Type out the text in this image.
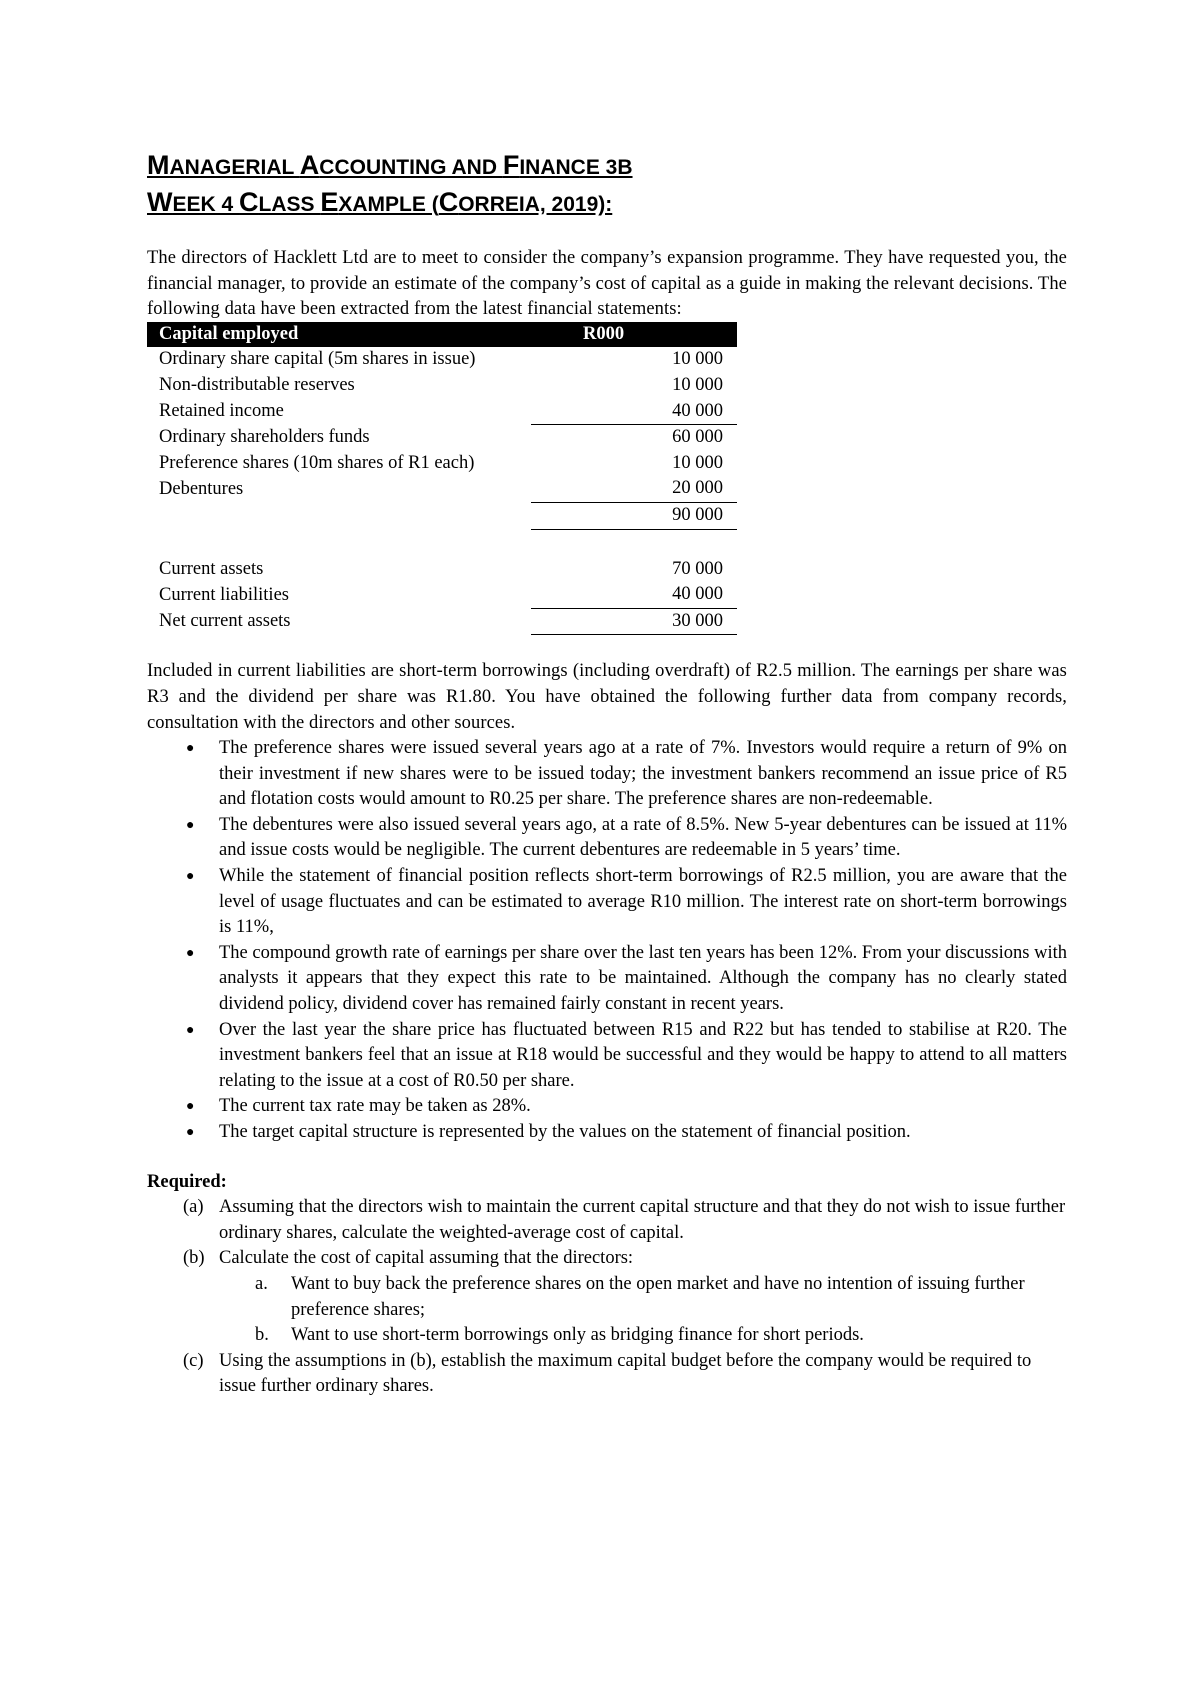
MANAGERIAL ACCOUNTING AND FINANCE 3B
WEEK 4 CLASS EXAMPLE (CORREIA, 2019):

The directors of Hacklett Ltd are to meet to consider the company’s expansion programme. They have requested you, the financial manager, to provide an estimate of the company’s cost of capital as a guide in making the relevant decisions. The following data have been extracted from the latest financial statements:

Capital employed	R000
Ordinary share capital (5m shares in issue)	10 000
Non-distributable reserves	10 000
Retained income	40 000
Ordinary shareholders funds	60 000
Preference shares (10m shares of R1 each)	10 000
Debentures	20 000
	90 000

Current assets	70 000
Current liabilities	40 000
Net current assets	30 000

Included in current liabilities are short-term borrowings (including overdraft) of R2.5 million. The earnings per share was R3 and the dividend per share was R1.80. You have obtained the following further data from company records, consultation with the directors and other sources.

● The preference shares were issued several years ago at a rate of 7%. Investors would require a return of 9% on their investment if new shares were to be issued today; the investment bankers recommend an issue price of R5 and flotation costs would amount to R0.25 per share. The preference shares are non-redeemable.
● The debentures were also issued several years ago, at a rate of 8.5%. New 5-year debentures can be issued at 11% and issue costs would be negligible. The current debentures are redeemable in 5 years’ time.
● While the statement of financial position reflects short-term borrowings of R2.5 million, you are aware that the level of usage fluctuates and can be estimated to average R10 million. The interest rate on short-term borrowings is 11%,
● The compound growth rate of earnings per share over the last ten years has been 12%. From your discussions with analysts it appears that they expect this rate to be maintained. Although the company has no clearly stated dividend policy, dividend cover has remained fairly constant in recent years.
● Over the last year the share price has fluctuated between R15 and R22 but has tended to stabilise at R20. The investment bankers feel that an issue at R18 would be successful and they would be happy to attend to all matters relating to the issue at a cost of R0.50 per share.
● The current tax rate may be taken as 28%.
● The target capital structure is represented by the values on the statement of financial position.
Required:
(a) Assuming that the directors wish to maintain the current capital structure and that they do not wish to issue further ordinary shares, calculate the weighted-average cost of capital.
(b) Calculate the cost of capital assuming that the directors:
a. Want to buy back the preference shares on the open market and have no intention of issuing further preference shares;
b. Want to use short-term borrowings only as bridging finance for short periods.
(c) Using the assumptions in (b), establish the maximum capital budget before the company would be required to issue further ordinary shares.
